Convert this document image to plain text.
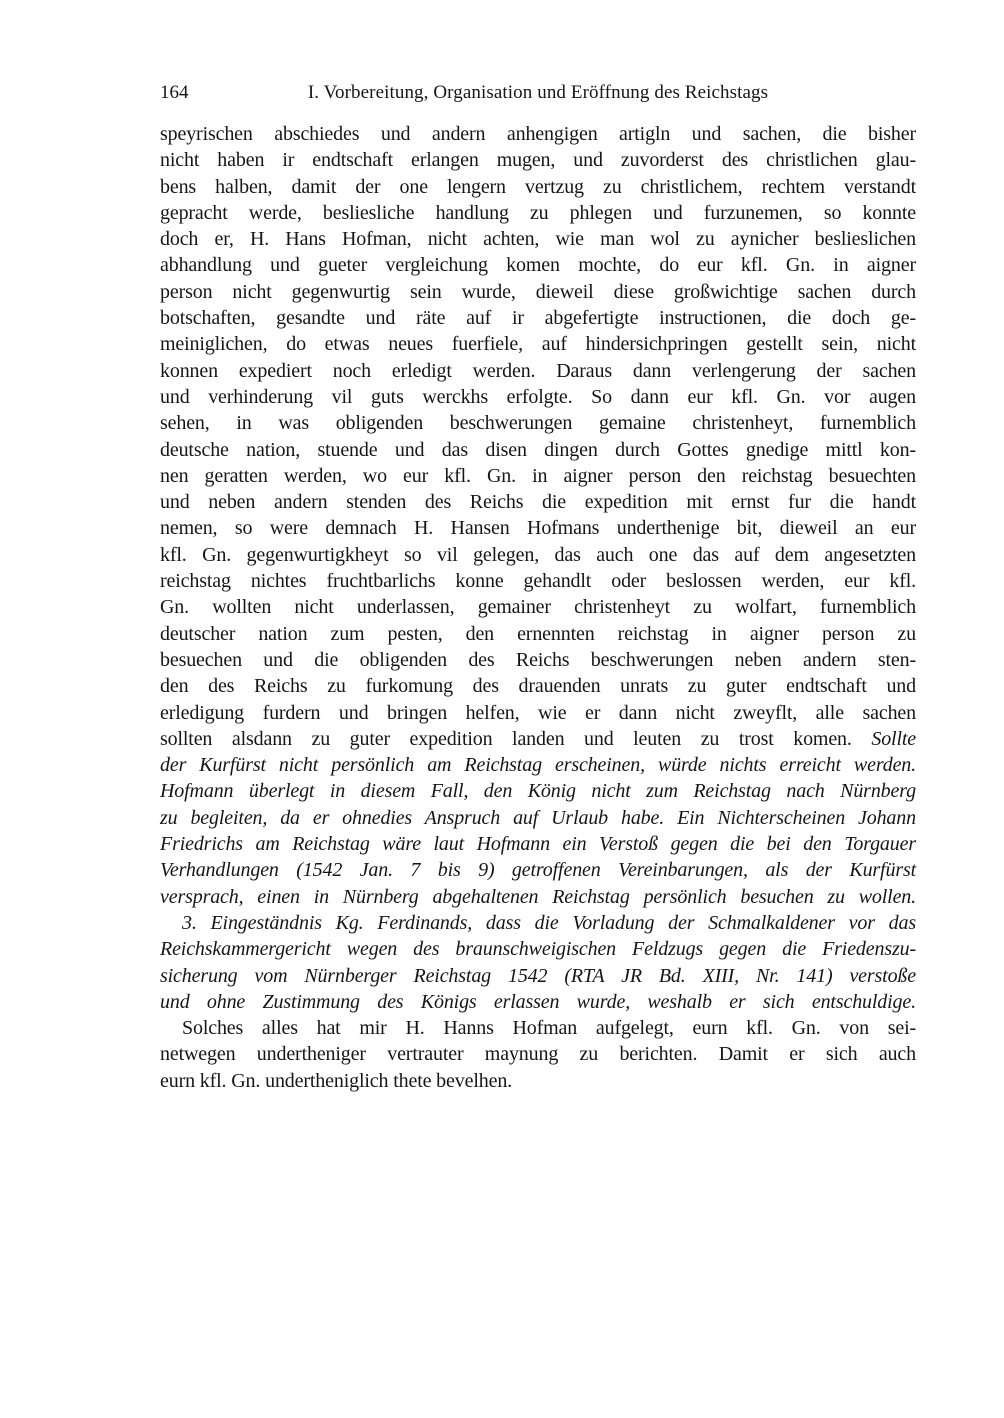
164	I. Vorbereitung, Organisation und Eröffnung des Reichstags
speyrischen abschiedes und andern anhengigen artigln und sachen, die bisher
nicht haben ir endtschaft erlangen mugen, und zuvorderst des christlichen glau-
bens halben, damit der one lengern vertzug zu christlichem, rechtem verstandt
gepracht werde, besliesliche handlung zu phlegen und furzunemen, so konnte
doch er, H. Hans Hofman, nicht achten, wie man wol zu aynicher beslieslichen
abhandlung und gueter vergleichung komen mochte, do eur kfl. Gn. in aigner
person nicht gegenwurtig sein wurde, dieweil diese großwichtige sachen durch
botschaften, gesandte und räte auf ir abgefertigte instructionen, die doch ge-
meiniglichen, do etwas neues fuerfiele, auf hindersichpringen gestellt sein, nicht
konnen expediert noch erledigt werden. Daraus dann verlengerung der sachen
und verhinderung vil guts werckhs erfolgte. So dann eur kfl. Gn. vor augen
sehen, in was obligenden beschwerungen gemaine christenheyt, furnemblich
deutsche nation, stuende und das disen dingen durch Gottes gnedige mittl kon-
nen geratten werden, wo eur kfl. Gn. in aigner person den reichstag besuechten
und neben andern stenden des Reichs die expedition mit ernst fur die handt
nemen, so were demnach H. Hansen Hofmans underthenige bit, dieweil an eur
kfl. Gn. gegenwurtigkheyt so vil gelegen, das auch one das auf dem angesetzten
reichstag nichtes fruchtbarlichs konne gehandlt oder beslossen werden, eur kfl.
Gn. wollten nicht underlassen, gemainer christenheyt zu wolfart, furnemblich
deutscher nation zum pesten, den ernennten reichstag in aigner person zu
besuechen und die obligenden des Reichs beschwerungen neben andern sten-
den des Reichs zu furkomung des drauenden unrats zu guter endtschaft und
erledigung furdern und bringen helfen, wie er dann nicht zweyflt, alle sachen
sollten alsdann zu guter expedition landen und leuten zu trost komen. Sollte
der Kurfürst nicht persönlich am Reichstag erscheinen, würde nichts erreicht werden.
Hofmann überlegt in diesem Fall, den König nicht zum Reichstag nach Nürnberg
zu begleiten, da er ohnedies Anspruch auf Urlaub habe. Ein Nichterscheinen Johann
Friedrichs am Reichstag wäre laut Hofmann ein Verstoß gegen die bei den Torgauer
Verhandlungen (1542 Jan. 7 bis 9) getroffenen Vereinbarungen, als der Kurfürst
versprach, einen in Nürnberg abgehaltenen Reichstag persönlich besuchen zu wollen.
3. Eingeständnis Kg. Ferdinands, dass die Vorladung der Schmalkaldener vor das
Reichskammergericht wegen des braunschweigischen Feldzugs gegen die Friedenszu-
sicherung vom Nürnberger Reichstag 1542 (RTA JR Bd. XIII, Nr. 141) verstoße
und ohne Zustimmung des Königs erlassen wurde, weshalb er sich entschuldige.
Solches alles hat mir H. Hanns Hofman aufgelegt, eurn kfl. Gn. von sei-
netwegen undertheniger vertrauter maynung zu berichten. Damit er sich auch
eurn kfl. Gn. undertheniglich thete bevelhen.
